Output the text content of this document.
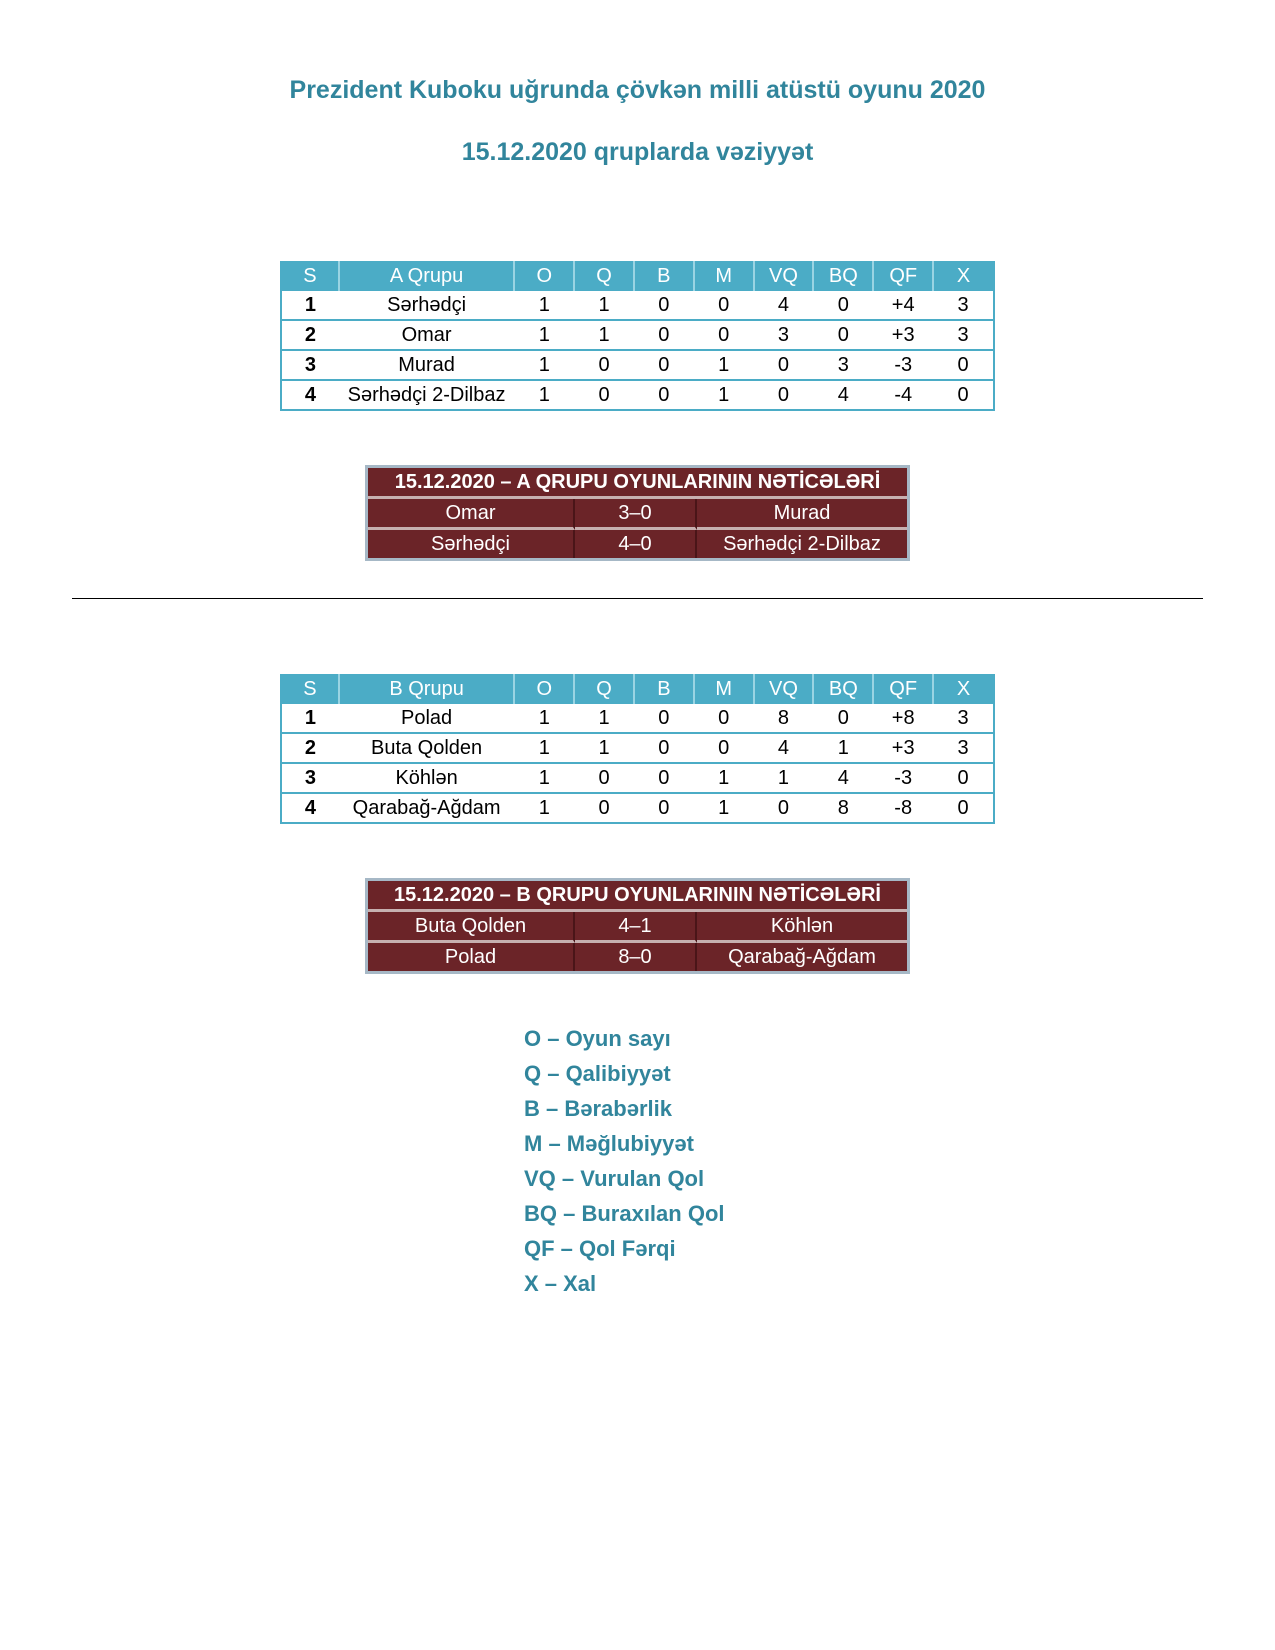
Prezident Kuboku uğrunda çövkən milli atüstü oyunu 2020
15.12.2020 qruplarda vəziyyət
S	A Qrupu	O	Q	B	M	VQ	BQ	QF	X
1	Sərhədçi	1	1	0	0	4	0	+4	3
2	Omar	1	1	0	0	3	0	+3	3
3	Murad	1	0	0	1	0	3	-3	0
4	Sərhədçi 2-Dilbaz	1	0	0	1	0	4	-4	0
15.12.2020 – A QRUPU OYUNLARININ NƏTİCƏLƏRİ		
Omar	3–0	Murad
Sərhədçi	4–0	Sərhədçi 2-Dilbaz
S	B Qrupu	O	Q	B	M	VQ	BQ	QF	X
1	Polad	1	1	0	0	8	0	+8	3
2	Buta Qolden	1	1	0	0	4	1	+3	3
3	Köhlən	1	0	0	1	1	4	-3	0
4	Qarabağ-Ağdam	1	0	0	1	0	8	-8	0
15.12.2020 – B QRUPU OYUNLARININ NƏTİCƏLƏRİ		
Buta Qolden	4–1	Köhlən
Polad	8–0	Qarabağ-Ağdam
O – Oyun sayı
Q – Qalibiyyət
B – Bərabərlik
M – Məğlubiyyət
VQ – Vurulan Qol
BQ – Buraxılan Qol
QF – Qol Fərqi
X – Xal
